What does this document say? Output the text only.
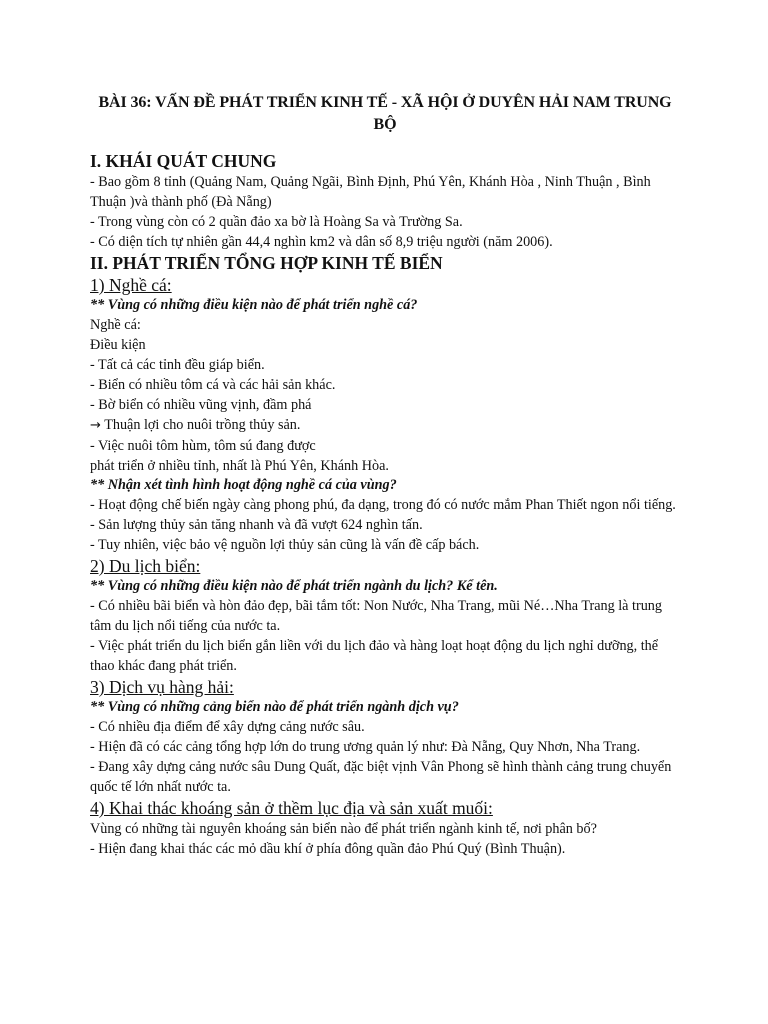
BÀI 36: VẤN ĐỀ PHÁT TRIỂN KINH TẾ - XÃ HỘI Ở DUYÊN HẢI NAM TRUNG BỘ
I. KHÁI QUÁT CHUNG

- Bao gồm 8 tỉnh (Quảng Nam, Quảng Ngãi, Bình Định, Phú Yên, Khánh Hòa , Ninh Thuận , Bình Thuận )và thành phố (Đà Nẵng)

- Trong vùng còn có 2 quần đảo xa bờ là Hoàng Sa và Trường Sa.

- Có diện tích tự nhiên gần 44,4 nghìn km2 và dân số 8,9 triệu người (năm 2006).

II. PHÁT TRIỂN TỔNG HỢP KINH TẾ BIỂN
1) Nghề cá:

** Vùng có những điều kiện nào để phát triển nghề cá?

Nghề cá:

Điều kiện

- Tất cả các tỉnh đều giáp biển.

- Biển có nhiều tôm cá và các hải sản khác.

- Bờ biển có nhiều vũng vịnh, đầm phá

→ Thuận lợi cho nuôi trồng thủy sản.

- Việc nuôi tôm hùm, tôm sú đang được

phát triển ở nhiều tỉnh, nhất là Phú Yên, Khánh Hòa.

** Nhận xét tình hình hoạt động nghề cá của vùng?

- Hoạt động chế biến ngày càng phong phú, đa dạng, trong đó có nước mắm Phan Thiết ngon nổi tiếng.

- Sản lượng thủy sản tăng nhanh và đã vượt 624 nghìn tấn.

- Tuy nhiên, việc bảo vệ nguồn lợi thủy sản cũng là vấn đề cấp bách.

2) Du lịch biển:

** Vùng có những điều kiện nào để phát triển ngành du lịch? Kể tên.

- Có nhiều bãi biển và hòn đảo đẹp, bãi tắm tốt: Non Nước, Nha Trang, mũi Né…Nha Trang là trung tâm du lịch nổi tiếng của nước ta.

- Việc phát triển du lịch biển gắn liền với du lịch đảo và hàng loạt hoạt động du lịch nghỉ dưỡng, thể thao khác đang phát triển.

3) Dịch vụ hàng hải:

** Vùng có những cảng biển nào để phát triển ngành dịch vụ?

- Có nhiều địa điểm để xây dựng cảng nước sâu.

- Hiện đã có các cảng tổng hợp lớn do trung ương quản lý như: Đà Nẵng, Quy Nhơn, Nha Trang.

- Đang xây dựng cảng nước sâu Dung Quất, đặc biệt vịnh Vân Phong sẽ hình thành cảng trung chuyển quốc tế lớn nhất nước ta.

4) Khai thác khoáng sản ở thềm lục địa và sản xuất muối:

Vùng có những tài nguyên khoáng sản biển nào để phát triển ngành kinh tế, nơi phân bố?

- Hiện đang khai thác các mỏ dầu khí ở phía đông quần đảo Phú Quý (Bình Thuận).
